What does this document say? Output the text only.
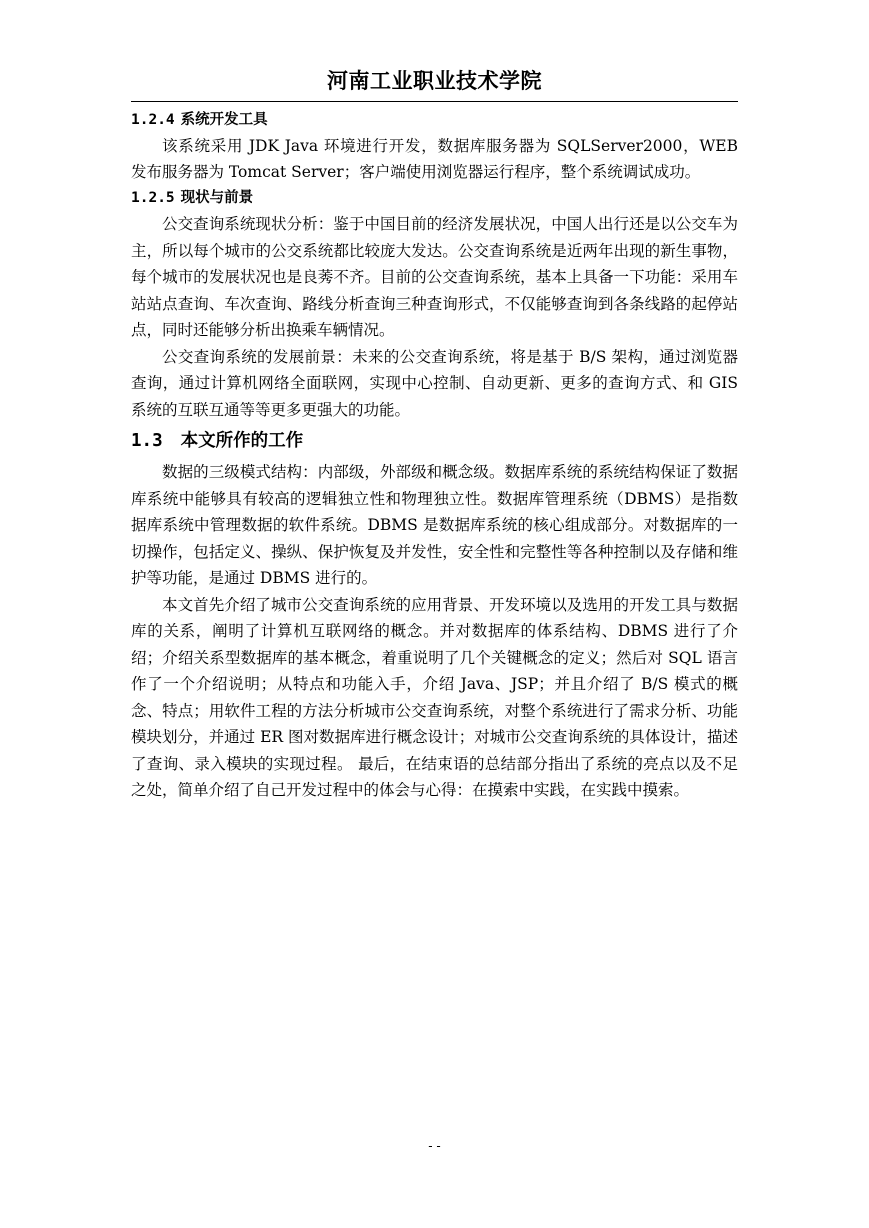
河南工业职业技术学院
1.2.4 系统开发工具

该系统采用 JDK Java 环境进行开发，数据库服务器为 SQLServer2000，WEB 发布服务器为 Tomcat Server；客户端使用浏览器运行程序，整个系统调试成功。

1.2.5 现状与前景

公交查询系统现状分析：鉴于中国目前的经济发展状况，中国人出行还是以公交车为主，所以每个城市的公交系统都比较庞大发达。公交查询系统是近两年出现的新生事物，每个城市的发展状况也是良莠不齐。目前的公交查询系统，基本上具备一下功能：采用车站站点查询、车次查询、路线分析查询三种查询形式，不仅能够查询到各条线路的起停站点，同时还能够分析出换乘车辆情况。

公交查询系统的发展前景：未来的公交查询系统，将是基于 B/S 架构，通过浏览器查询，通过计算机网络全面联网，实现中心控制、自动更新、更多的查询方式、和 GIS 系统的互联互通等等更多更强大的功能。

1.3 本文所作的工作

数据的三级模式结构：内部级，外部级和概念级。数据库系统的系统结构保证了数据库系统中能够具有较高的逻辑独立性和物理独立性。数据库管理系统（DBMS）是指数据库系统中管理数据的软件系统。DBMS 是数据库系统的核心组成部分。对数据库的一切操作，包括定义、操纵、保护恢复及并发性，安全性和完整性等各种控制以及存储和维护等功能，是通过 DBMS 进行的。

本文首先介绍了城市公交查询系统的应用背景、开发环境以及选用的开发工具与数据库的关系，阐明了计算机互联网络的概念。并对数据库的体系结构、DBMS 进行了介绍；介绍关系型数据库的基本概念，着重说明了几个关键概念的定义；然后对 SQL 语言作了一个介绍说明；从特点和功能入手，介绍 Java、JSP；并且介绍了 B/S 模式的概念、特点；用软件工程的方法分析城市公交查询系统，对整个系统进行了需求分析、功能模块划分，并通过 ER 图对数据库进行概念设计；对城市公交查询系统的具体设计，描述了查询、录入模块的实现过程。 最后，在结束语的总结部分指出了系统的亮点以及不足之处，简单介绍了自己开发过程中的体会与心得：在摸索中实践，在实践中摸索。

- -
